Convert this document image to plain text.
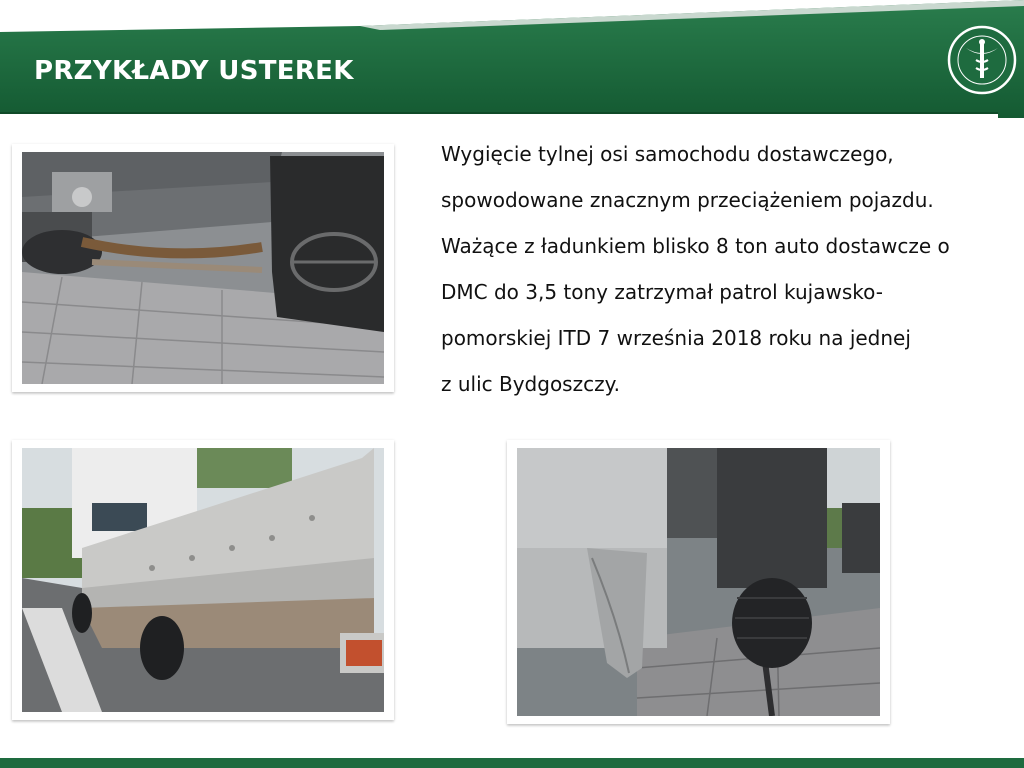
PRZYKŁADY USTEREK
Wygięcie tylnej osi samochodu dostawczego,
spowodowane znacznym przeciążeniem pojazdu.
Ważące z ładunkiem blisko 8 ton auto dostawcze o
DMC do 3,5 tony zatrzymał patrol kujawsko-
pomorskiej ITD 7 września 2018 roku na jednej
z ulic Bydgoszczy.
